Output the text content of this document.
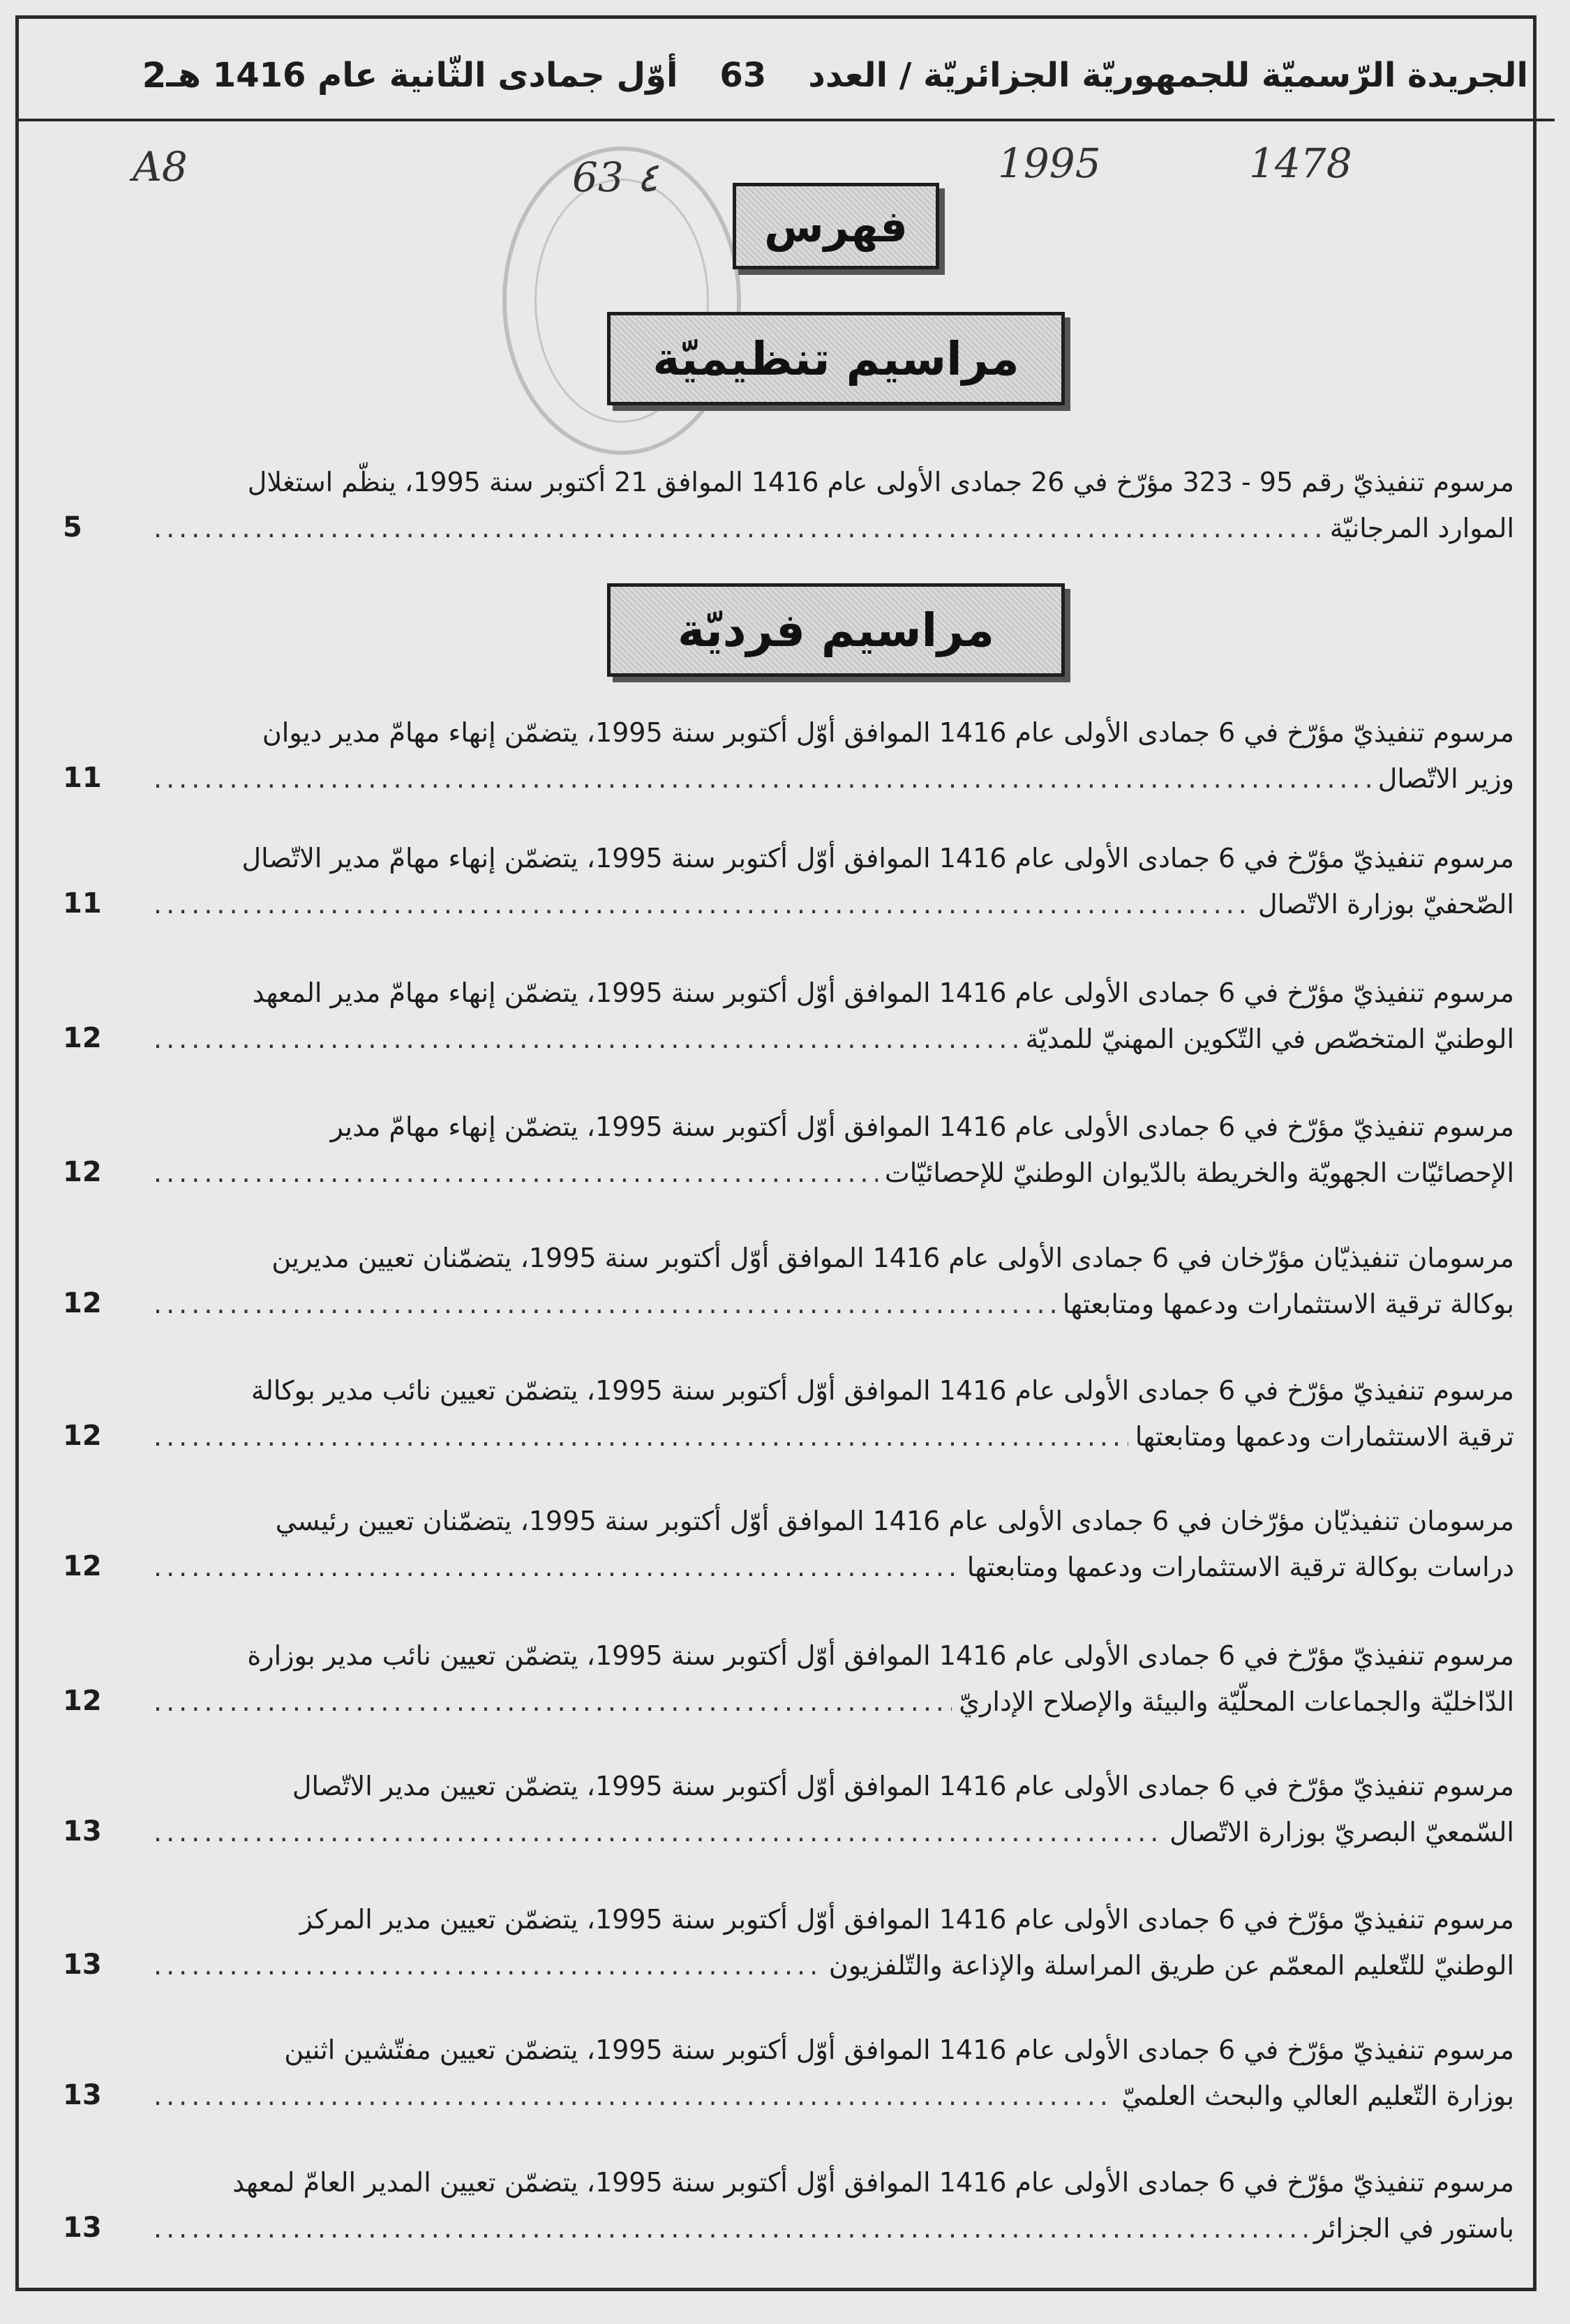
الجريدة الرّسميّة للجمهوريّة الجزائريّة / العدد
63
أوّل جمادى الثّانية عام 1416 هـ
2
A8	63 ٤	1995	1478
فهرس
مراسيم تنظيميّة
مراسيم فرديّة
مرسوم تنفيذيّ رقم 95 - 323 مؤرّخ في 26 جمادى الأولى عام 1416 الموافق 21 أكتوبر سنة 1995، ينظّم استغلال
الموارد المرجانيّة
.....
5
مرسوم تنفيذيّ مؤرّخ في 6 جمادى الأولى عام 1416 الموافق أوّل أكتوبر سنة 1995، يتضمّن إنهاء مهامّ مدير ديوان
وزير الاتّصال
.....
11
مرسوم تنفيذيّ مؤرّخ في 6 جمادى الأولى عام 1416 الموافق أوّل أكتوبر سنة 1995، يتضمّن إنهاء مهامّ مدير الاتّصال
الصّحفيّ بوزارة الاتّصال
.....
11
مرسوم تنفيذيّ مؤرّخ في 6 جمادى الأولى عام 1416 الموافق أوّل أكتوبر سنة 1995، يتضمّن إنهاء مهامّ مدير المعهد
الوطنيّ المتخصّص في التّكوين المهنيّ للمديّة
.....
12
مرسوم تنفيذيّ مؤرّخ في 6 جمادى الأولى عام 1416 الموافق أوّل أكتوبر سنة 1995، يتضمّن إنهاء مهامّ مدير
الإحصائيّات الجهويّة والخريطة بالدّيوان الوطنيّ للإحصائيّات
.....
12
مرسومان تنفيذيّان مؤرّخان في 6 جمادى الأولى عام 1416 الموافق أوّل أكتوبر سنة 1995، يتضمّنان تعيين مديرين
بوكالة ترقية الاستثمارات ودعمها ومتابعتها
.....
12
مرسوم تنفيذيّ مؤرّخ في 6 جمادى الأولى عام 1416 الموافق أوّل أكتوبر سنة 1995، يتضمّن تعيين نائب مدير بوكالة
ترقية الاستثمارات ودعمها ومتابعتها
.....
12
مرسومان تنفيذيّان مؤرّخان في 6 جمادى الأولى عام 1416 الموافق أوّل أكتوبر سنة 1995، يتضمّنان تعيين رئيسي
دراسات بوكالة ترقية الاستثمارات ودعمها ومتابعتها
.....
12
مرسوم تنفيذيّ مؤرّخ في 6 جمادى الأولى عام 1416 الموافق أوّل أكتوبر سنة 1995، يتضمّن تعيين نائب مدير بوزارة
الدّاخليّة والجماعات المحلّيّة والبيئة والإصلاح الإداريّ
.....
12
مرسوم تنفيذيّ مؤرّخ في 6 جمادى الأولى عام 1416 الموافق أوّل أكتوبر سنة 1995، يتضمّن تعيين مدير الاتّصال
السّمعيّ البصريّ بوزارة الاتّصال
.....
13
مرسوم تنفيذيّ مؤرّخ في 6 جمادى الأولى عام 1416 الموافق أوّل أكتوبر سنة 1995، يتضمّن تعيين مدير المركز
الوطنيّ للتّعليم المعمّم عن طريق المراسلة والإذاعة والتّلفزيون
.....
13
مرسوم تنفيذيّ مؤرّخ في 6 جمادى الأولى عام 1416 الموافق أوّل أكتوبر سنة 1995، يتضمّن تعيين مفتّشين اثنين
بوزارة التّعليم العالي والبحث العلميّ
.....
13
مرسوم تنفيذيّ مؤرّخ في 6 جمادى الأولى عام 1416 الموافق أوّل أكتوبر سنة 1995، يتضمّن تعيين المدير العامّ لمعهد
باستور في الجزائر
.....
13
